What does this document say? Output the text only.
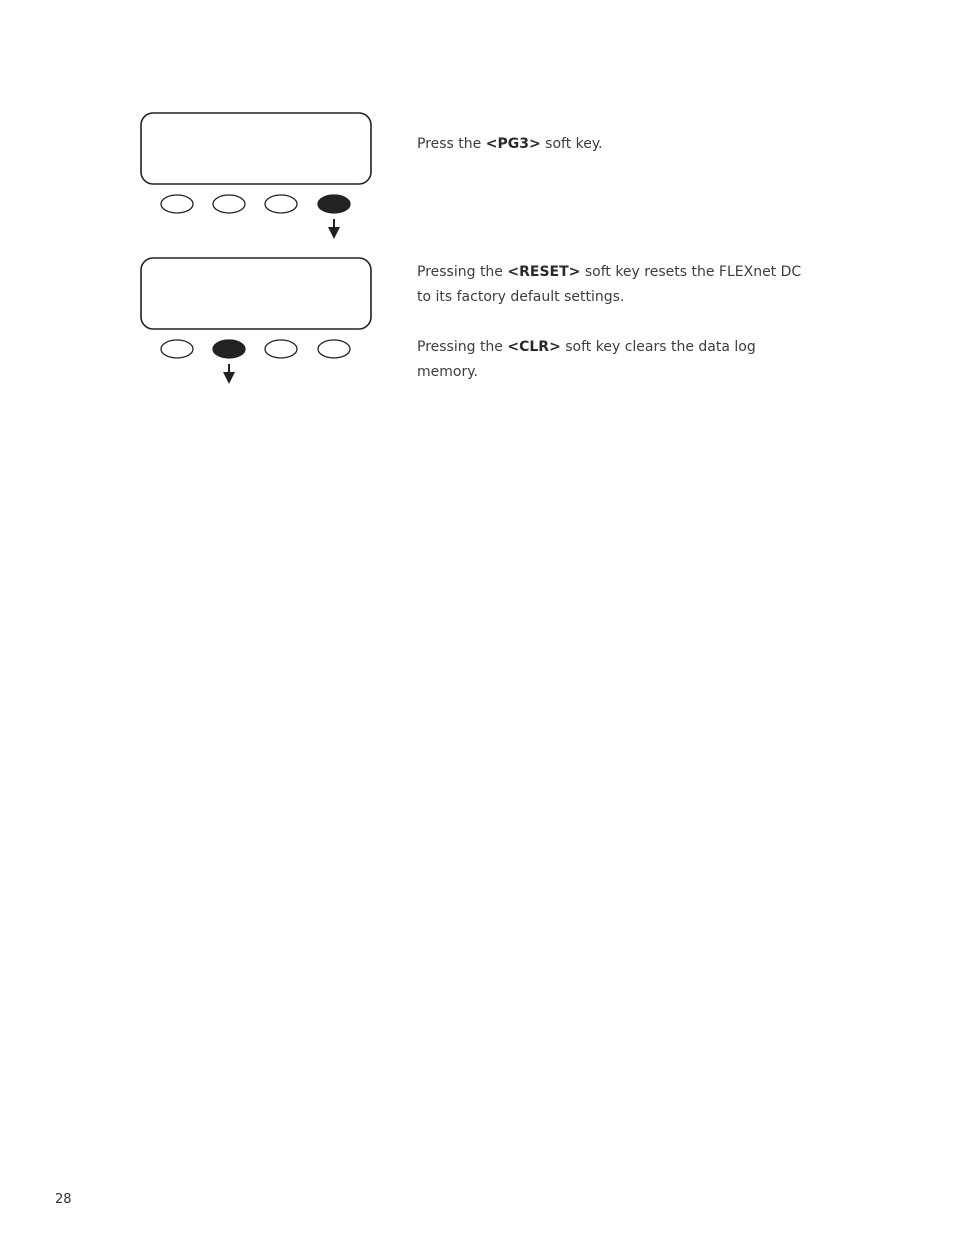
Press the <PG3> soft key.

Pressing the <RESET> soft key resets the FLEXnet DC
to its factory default settings.

Pressing the <CLR> soft key clears the data log
memory.

28
